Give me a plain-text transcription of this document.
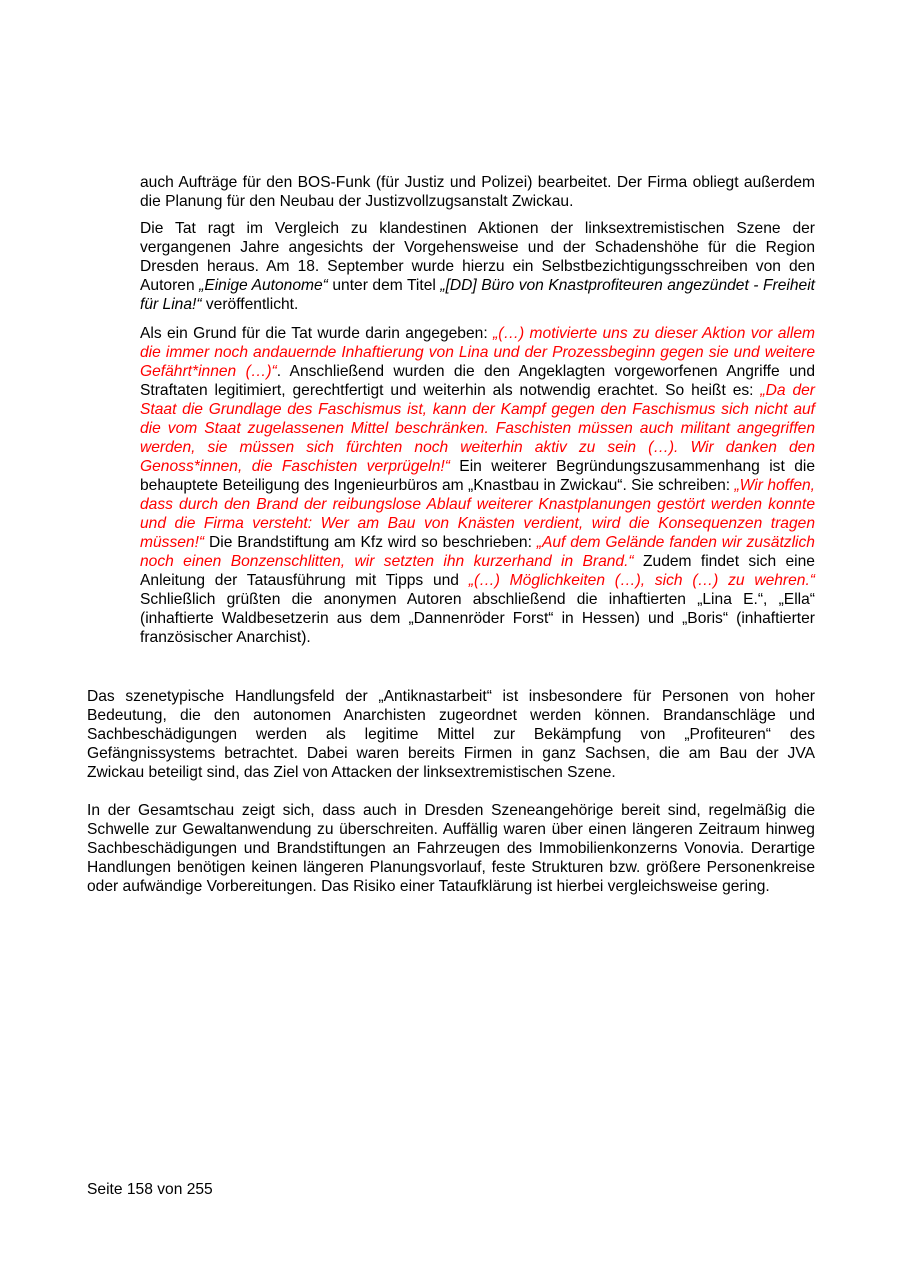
auch Aufträge für den BOS-Funk (für Justiz und Polizei) bearbeitet. Der Firma obliegt außerdem die Planung für den Neubau der Justizvollzugsanstalt Zwickau.

Die Tat ragt im Vergleich zu klandestinen Aktionen der linksextremistischen Szene der vergangenen Jahre angesichts der Vorgehensweise und der Schadenshöhe für die Region Dresden heraus. Am 18. September wurde hierzu ein Selbstbezichtigungsschreiben von den Autoren „Einige Autonome“ unter dem Titel „[DD] Büro von Knastprofiteuren angezündet - Freiheit für Lina!“ veröffentlicht.

Als ein Grund für die Tat wurde darin angegeben: „(…) motivierte uns zu dieser Aktion vor allem die immer noch andauernde Inhaftierung von Lina und der Prozessbeginn gegen sie und weitere Gefährt*innen (…)“. Anschließend wurden die den Angeklagten vorgeworfenen Angriffe und Straftaten legitimiert, gerechtfertigt und weiterhin als notwendig erachtet. So heißt es: „Da der Staat die Grundlage des Faschismus ist, kann der Kampf gegen den Faschismus sich nicht auf die vom Staat zugelassenen Mittel beschränken. Faschisten müssen auch militant angegriffen werden, sie müssen sich fürchten noch weiterhin aktiv zu sein (…). Wir danken den Genoss*innen, die Faschisten verprügeln!“ Ein weiterer Begründungszusammenhang ist die behauptete Beteiligung des Ingenieurbüros am „Knastbau in Zwickau“. Sie schreiben: „Wir hoffen, dass durch den Brand der reibungslose Ablauf weiterer Knastplanungen gestört werden konnte und die Firma versteht: Wer am Bau von Knästen verdient, wird die Konsequenzen tragen müssen!“ Die Brandstiftung am Kfz wird so beschrieben: „Auf dem Gelände fanden wir zusätzlich noch einen Bonzenschlitten, wir setzten ihn kurzerhand in Brand.“ Zudem findet sich eine Anleitung der Tatausführung mit Tipps und „(…) Möglichkeiten (…), sich (…) zu wehren.“ Schließlich grüßten die anonymen Autoren abschließend die inhaftierten „Lina E.“, „Ella“ (inhaftierte Waldbesetzerin aus dem „Dannenröder Forst“ in Hessen) und „Boris“ (inhaftierter französischer Anarchist).

Das szenetypische Handlungsfeld der „Antiknastarbeit“ ist insbesondere für Personen von hoher Bedeutung, die den autonomen Anarchisten zugeordnet werden können. Brandanschläge und Sachbeschädigungen werden als legitime Mittel zur Bekämpfung von „Profiteuren“ des Gefängnissystems betrachtet. Dabei waren bereits Firmen in ganz Sachsen, die am Bau der JVA Zwickau beteiligt sind, das Ziel von Attacken der linksextremistischen Szene.

In der Gesamtschau zeigt sich, dass auch in Dresden Szeneangehörige bereit sind, regelmäßig die Schwelle zur Gewaltanwendung zu überschreiten. Auffällig waren über einen längeren Zeitraum hinweg Sachbeschädigungen und Brandstiftungen an Fahrzeugen des Immobilienkonzerns Vonovia. Derartige Handlungen benötigen keinen längeren Planungsvorlauf, feste Strukturen bzw. größere Personenkreise oder aufwändige Vorbereitungen. Das Risiko einer Tataufklärung ist hierbei vergleichsweise gering.

Seite 158 von 255
